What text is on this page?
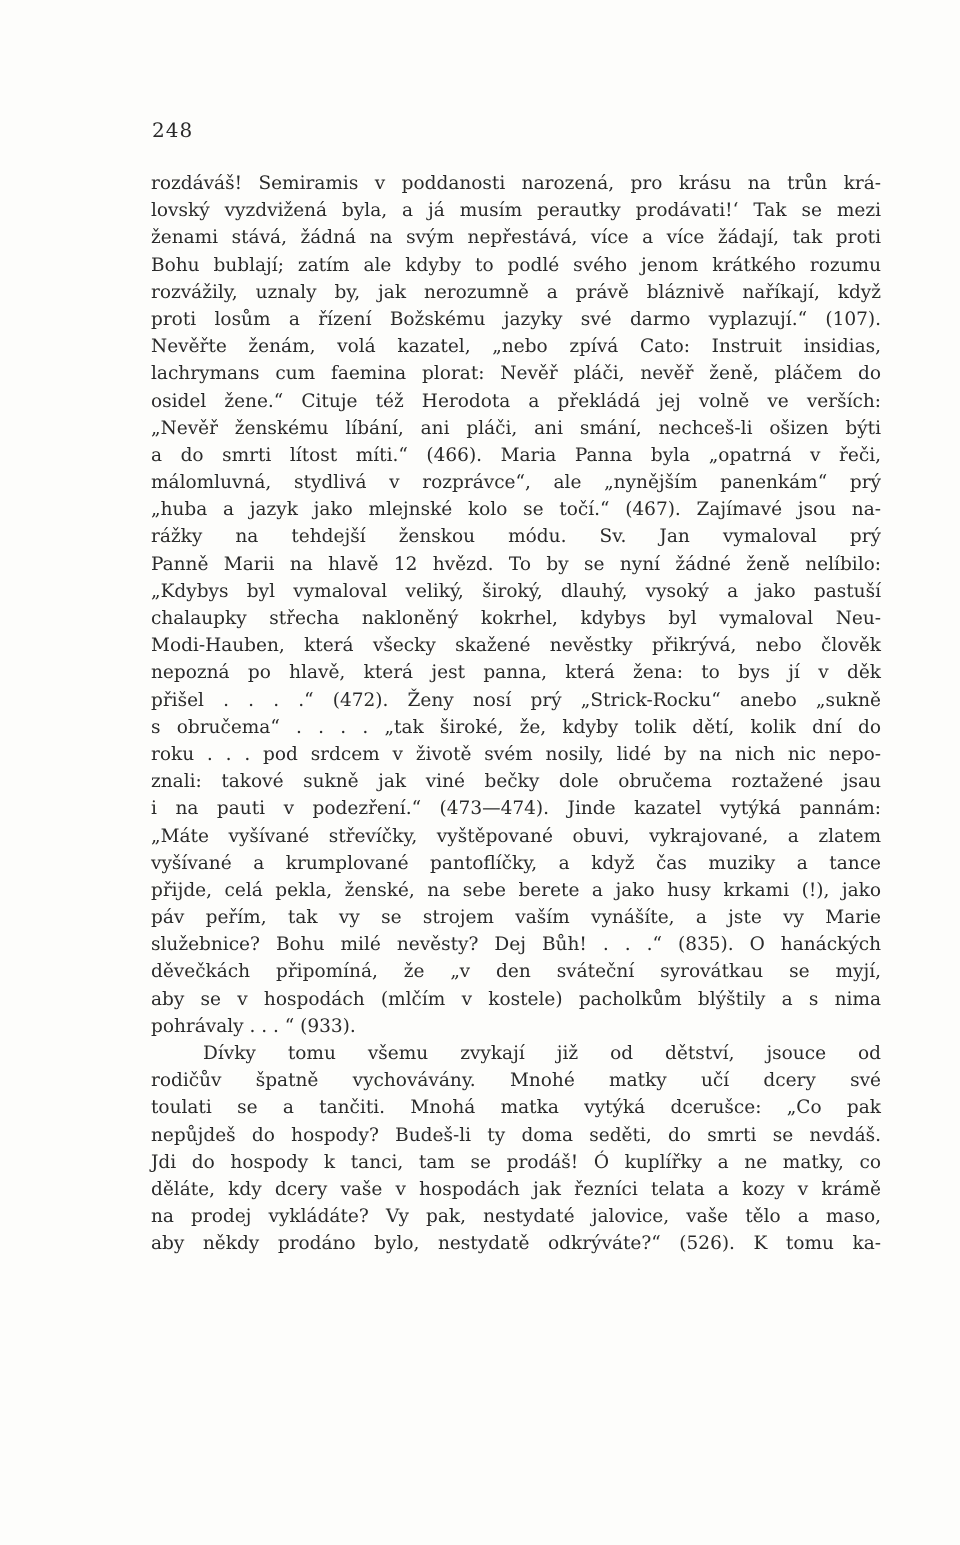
248
rozdáváš! Semiramis v poddanosti narozená, pro krásu na trůn krá-
lovský vyzdvižená byla, a já musím perautky prodávati!‘ Tak se mezi
ženami stává, žádná na svým nepřestává, více a více žádají, tak proti
Bohu bublají; zatím ale kdyby to podlé svého jenom krátkého rozumu
rozvážily, uznaly by, jak nerozumně a právě bláznivě naříkají, když
proti losům a řízení Božskému jazyky své darmo vyplazují.“ (107).
Nevěřte ženám, volá kazatel, „nebo zpívá Cato: Instruit insidias,
lachrymans cum faemina plorat: Nevěř pláči, nevěř ženě, pláčem do
osidel žene.“ Cituje též Herodota a překládá jej volně ve verších:
„Nevěř ženskému líbání, ani pláči, ani smání, nechceš-li ošizen býti
a do smrti lítost míti.“ (466). Maria Panna byla „opatrná v řeči,
málomluvná, stydlivá v rozprávce“, ale „nynějším panenkám“ prý
„huba a jazyk jako mlejnské kolo se točí.“ (467). Zajímavé jsou na-
rážky na tehdejší ženskou módu. Sv. Jan vymaloval prý
Panně Marii na hlavě 12 hvězd. To by se nyní žádné ženě nelíbilo:
„Kdybys byl vymaloval veliký, široký, dlauhý, vysoký a jako pastuší
chalaupky střecha nakloněný kokrhel, kdybys byl vymaloval Neu-
Modi-Hauben, která všecky skažené nevěstky přikrývá, nebo člověk
nepozná po hlavě, která jest panna, která žena: to bys jí v děk
přišel . . . .“ (472). Ženy nosí prý „Strick-Rocku“ anebo „sukně
s obručema“ . . . . „tak široké, že, kdyby tolik dětí, kolik dní do
roku . . . pod srdcem v životě svém nosily, lidé by na nich nic nepo-
znali: takové sukně jak viné bečky dole obručema roztažené jsau
i na pauti v podezření.“ (473—474). Jinde kazatel vytýká pannám:
„Máte vyšívané střevíčky, vyštěpované obuvi, vykrajované, a zlatem
vyšívané a krumplované pantoflíčky, a když čas muziky a tance
přijde, celá pekla, ženské, na sebe berete a jako husy krkami (!), jako
páv peřím, tak vy se strojem vaším vynášíte, a jste vy Marie
služebnice? Bohu milé nevěsty? Dej Bůh! . . .“ (835). O hanáckých
děvečkách připomíná, že „v den sváteční syrovátkau se myjí,
aby se v hospodách (mlčím v kostele) pacholkům blýštily a s nima
pohrávaly . . . “ (933).
Dívky tomu všemu zvykají již od dětství, jsouce od
rodičův špatně vychovávány. Mnohé matky učí dcery své
toulati se a tančiti. Mnohá matka vytýká dcerušce: „Co pak
nepůjdeš do hospody? Budeš-li ty doma seděti, do smrti se nevdáš.
Jdi do hospody k tanci, tam se prodáš! Ó kuplířky a ne matky, co
děláte, kdy dcery vaše v hospodách jak řezníci telata a kozy v krámě
na prodej vykládáte? Vy pak, nestydaté jalovice, vaše tělo a maso,
aby někdy prodáno bylo, nestydatě odkrýváte?“ (526). K tomu ka-
